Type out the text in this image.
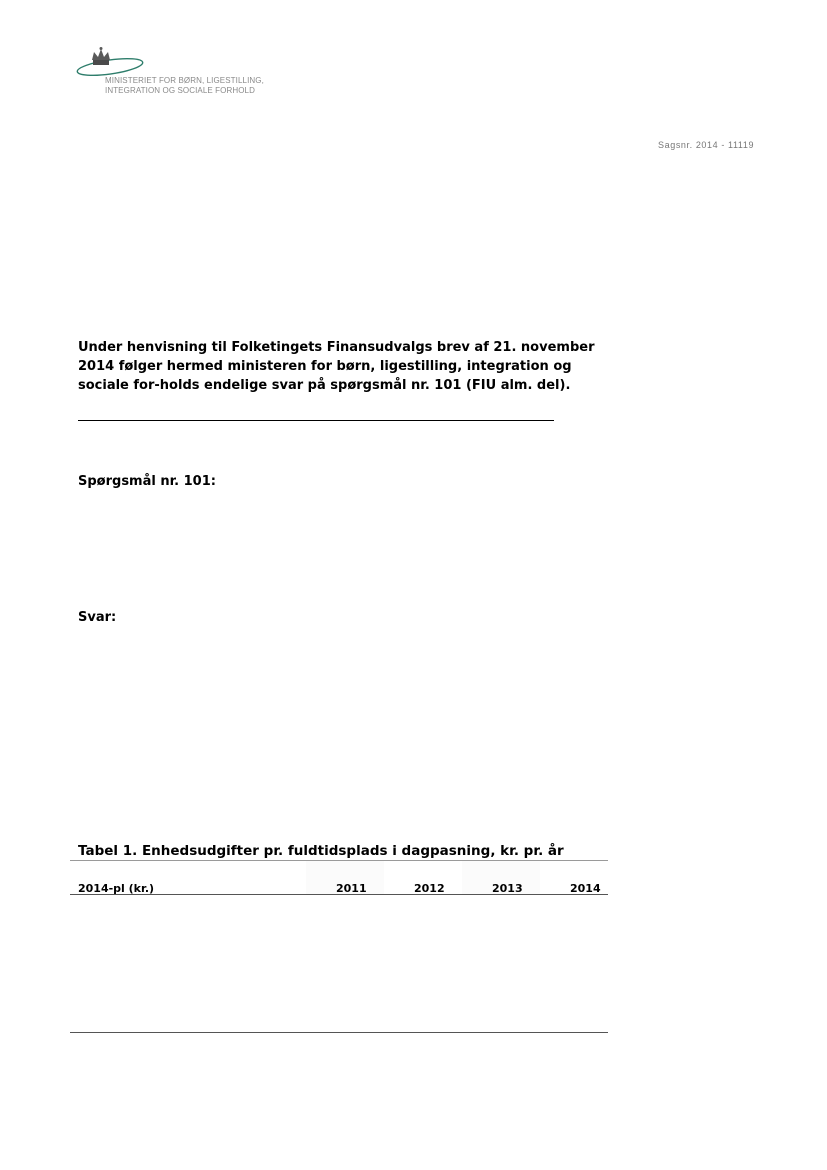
MINISTERIET FOR BØRN, LIGESTILLING,
INTEGRATION OG SOCIALE FORHOLD
Sagsnr. 2014 - 11119

Under henvisning til Folketingets Finansudvalgs brev af 21. november 2014 følger hermed ministeren for børn, ligestilling, integration og sociale for-holds endelige svar på spørgsmål nr. 101 (FIU alm. del).

Spørgsmål nr. 101:
Svar:
Tabel 1. Enhedsudgifter pr. fuldtidsplads i dagpasning, kr. pr. år
2014-pl (kr.)	2011	2012	2013	2014
